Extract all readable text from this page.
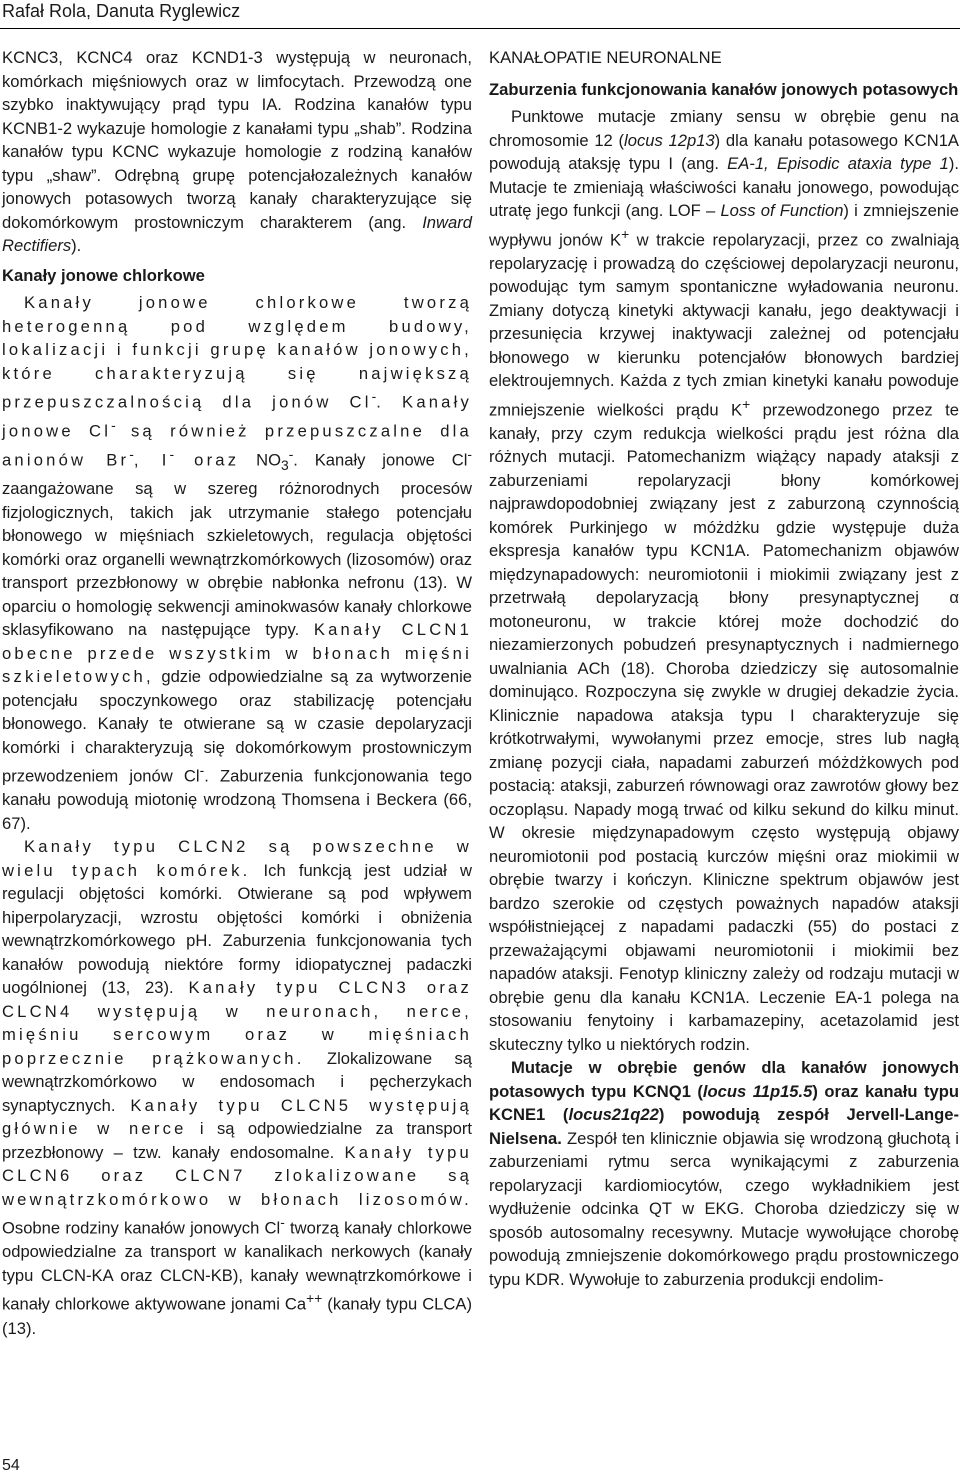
Rafał Rola, Danuta Ryglewicz

KCNC3, KCNC4 oraz KCND1-3 występują w neuronach, komórkach mięśniowych oraz w limfocytach. Przewodzą one szybko inaktywujący prąd typu IA. Rodzina kanałów typu KCNB1-2 wykazuje homologie z kanałami typu „shab”. Rodzina kanałów typu KCNC wykazuje homologie z rodziną kanałów typu „shaw”. Odrębną grupę potencjałozależnych kanałów jonowych potasowych tworzą kanały charakteryzujące się dokomórkowym prostowniczym charakterem (ang. Inward Rectifiers).

Kanały jonowe chlorkowe

Kanały jonowe chlorkowe tworzą heterogenną pod względem budowy, lokalizacji i funkcji grupę kanałów jonowych, które charakteryzują się największą przepuszczalnością dla jonów Cl-. Kanały jonowe Cl- są również przepuszczalne dla anionów Br-, I- oraz $NO_3^-$. Kanały jonowe Cl- zaangażowane są w szereg różnorodnych procesów fizjologicznych, takich jak utrzymanie stałego potencjału błonowego w mięśniach szkieletowych, regulacja objętości komórki oraz organelli wewnątrzkomórkowych (lizosomów) oraz transport przezbłonowy w obrębie nabłonka nefronu (13). W oparciu o homologię sekwencji aminokwasów kanały chlorkowe sklasyfikowano na następujące typy. Kanały CLCN1 obecne przede wszystkim w błonach mięśni szkieletowych, gdzie odpowiedzialne są za wytworzenie potencjału spoczynkowego oraz stabilizację potencjału błonowego. Kanały te otwierane są w czasie depolaryzacji komórki i charakteryzują się dokomórkowym prostowniczym przewodzeniem jonów Cl-. Zaburzenia funkcjonowania tego kanału powodują miotonię wrodzoną Thomsena i Beckera (66, 67).

Kanały typu CLCN2 są powszechne w wielu typach komórek. Ich funkcją jest udział w regulacji objętości komórki. Otwierane są pod wpływem hiperpolaryzacji, wzrostu objętości komórki i obniżenia wewnątrzkomórkowego pH. Zaburzenia funkcjonowania tych kanałów powodują niektóre formy idiopatycznej padaczki uogólnionej (13, 23). Kanały typu CLCN3 oraz CLCN4 występują w neuronach, nerce, mięśniu sercowym oraz w mięśniach poprzecznie prążkowanych. Zlokalizowane są wewnątrzkomórkowo w endosomach i pęcherzykach synaptycznych. Kanały typu CLCN5 występują głównie w nerce i są odpowiedzialne za transport przezbłonowy – tzw. kanały endosomalne. Kanały typu CLCN6 oraz CLCN7 zlokalizowane są wewnątrzkomórkowo w błonach lizosomów. Osobne rodziny kanałów jonowych Cl- tworzą kanały chlorkowe odpowiedzialne za transport w kanalikach nerkowych (kanały typu CLCN-KA oraz CLCN-KB), kanały wewnątrzkomórkowe i kanały chlorkowe aktywowane jonami Ca++ (kanały typu CLCA) (13).

KANAŁOPATIE NEURONALNE
Zaburzenia funkcjonowania kanałów jonowych potasowych

Punktowe mutacje zmiany sensu w obrębie genu na chromosomie 12 (locus 12p13) dla kanału potasowego KCN1A powodują ataksję typu I (ang. EA-1, Episodic ataxia type 1). Mutacje te zmieniają właściwości kanału jonowego, powodując utratę jego funkcji (ang. LOF – Loss of Function) i zmniejszenie wypływu jonów K+ w trakcie repolaryzacji, przez co zwalniają repolaryzację i prowadzą do częściowej depolaryzacji neuronu, powodując tym samym spontaniczne wyładowania neuronu. Zmiany dotyczą kinetyki aktywacji kanału, jego deaktywacji i przesunięcia krzywej inaktywacji zależnej od potencjału błonowego w kierunku potencjałów błonowych bardziej elektroujemnych. Każda z tych zmian kinetyki kanału powoduje zmniejszenie wielkości prądu K+ przewodzonego przez te kanały, przy czym redukcja wielkości prądu jest różna dla różnych mutacji. Patomechanizm wiążący napady ataksji z zaburzeniami repolaryzacji błony komórkowej najprawdopodobniej związany jest z zaburzoną czynnością komórek Purkinjego w móżdżku gdzie występuje duża ekspresja kanałów typu KCN1A. Patomechanizm objawów międzynapadowych: neuromiotonii i miokimii związany jest z przetrwałą depolaryzacją błony presynaptycznej α motoneuronu, w trakcie której może dochodzić do niezamierzonych pobudzeń presynaptycznych i nadmiernego uwalniania ACh (18). Choroba dziedziczy się autosomalnie dominująco. Rozpoczyna się zwykle w drugiej dekadzie życia. Klinicznie napadowa ataksja typu I charakteryzuje się krótkotrwałymi, wywołanymi przez emocje, stres lub nagłą zmianę pozycji ciała, napadami zaburzeń móżdżkowych pod postacią: ataksji, zaburzeń równowagi oraz zawrotów głowy bez oczopląsu. Napady mogą trwać od kilku sekund do kilku minut. W okresie międzynapadowym często występują objawy neuromiotonii pod postacią kurczów mięśni oraz miokimii w obrębie twarzy i kończyn. Kliniczne spektrum objawów jest bardzo szerokie od częstych poważnych napadów ataksji współistniejącej z napadami padaczki (55) do postaci z przeważającymi objawami neuromiotonii i miokimii bez napadów ataksji. Fenotyp kliniczny zależy od rodzaju mutacji w obrębie genu dla kanału KCN1A. Leczenie EA-1 polega na stosowaniu fenytoiny i karbamazepiny, acetazolamid jest skuteczny tylko u niektórych rodzin.

Mutacje w obrębie genów dla kanałów jonowych potasowych typu KCNQ1 (locus 11p15.5) oraz kanału typu KCNE1 (locus21q22) powodują zespół Jervell-Lange-Nielsena. Zespół ten klinicznie objawia się wrodzoną głuchotą i zaburzeniami rytmu serca wynikającymi z zaburzenia repolaryzacji kardiomiocytów, czego wykładnikiem jest wydłużenie odcinka QT w EKG. Choroba dziedziczy się w sposób autosomalny recesywny. Mutacje wywołujące chorobę powodują zmniejszenie dokomórkowego prądu prostowniczego typu KDR. Wywołuje to zaburzenia produkcji endolim-

54
